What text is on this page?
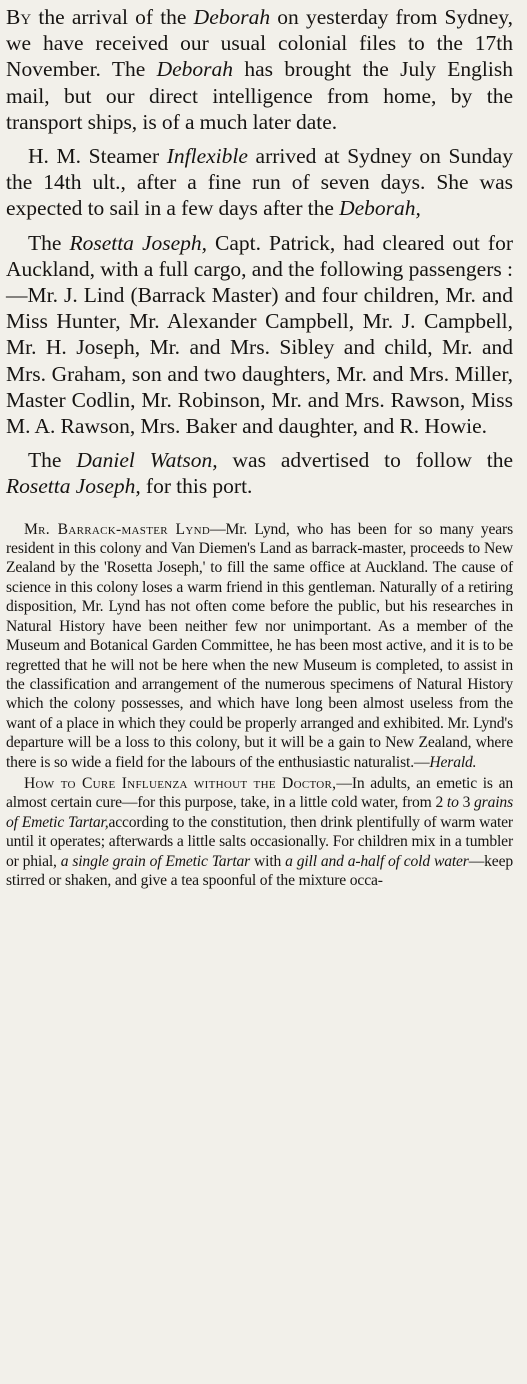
By the arrival of the Deborah on yesterday from Sydney, we have received our usual colonial files to the 17th November. The Deborah has brought the July English mail, but our direct intelligence from home, by the transport ships, is of a much later date.

H. M. Steamer Inflexible arrived at Sydney on Sunday the 14th ult., after a fine run of seven days. She was expected to sail in a few days after the Deborah,

The Rosetta Joseph, Capt. Patrick, had cleared out for Auckland, with a full cargo, and the following passengers :—Mr. J. Lind (Barrack Master) and four children, Mr. and Miss Hunter, Mr. Alexander Campbell, Mr. J. Campbell, Mr. H. Joseph, Mr. and Mrs. Sibley and child, Mr. and Mrs. Graham, son and two daughters, Mr. and Mrs. Miller, Master Codlin, Mr. Robinson, Mr. and Mrs. Rawson, Miss M. A. Rawson, Mrs. Baker and daughter, and R. Howie.

The Daniel Watson, was advertised to follow the Rosetta Joseph, for this port.

Mr. Barrack-master Lynd—Mr. Lynd, who has been for so many years resident in this colony and Van Diemen's Land as barrack-master, proceeds to New Zealand by the 'Rosetta Joseph,' to fill the same office at Auckland. The cause of science in this colony loses a warm friend in this gentleman. Naturally of a retiring disposition, Mr. Lynd has not often come before the public, but his researches in Natural History have been neither few nor unimportant. As a member of the Museum and Botanical Garden Committee, he has been most active, and it is to be regretted that he will not be here when the new Museum is completed, to assist in the classification and arrangement of the numerous specimens of Natural History which the colony possesses, and which have long been almost useless from the want of a place in which they could be properly arranged and exhibited. Mr. Lynd's departure will be a loss to this colony, but it will be a gain to New Zealand, where there is so wide a field for the labours of the enthusiastic naturalist.—Herald.

How to Cure Influenza without the Doctor,—In adults, an emetic is an almost certain cure—for this purpose, take, in a little cold water, from 2 to 3 grains of Emetic Tartar,according to the constitution, then drink plentifully of warm water until it operates; afterwards a little salts occasionally. For children mix in a tumbler or phial, a single grain of Emetic Tartar with a gill and a-half of cold water—keep stirred or shaken, and give a tea spoonful of the mixture occa-
